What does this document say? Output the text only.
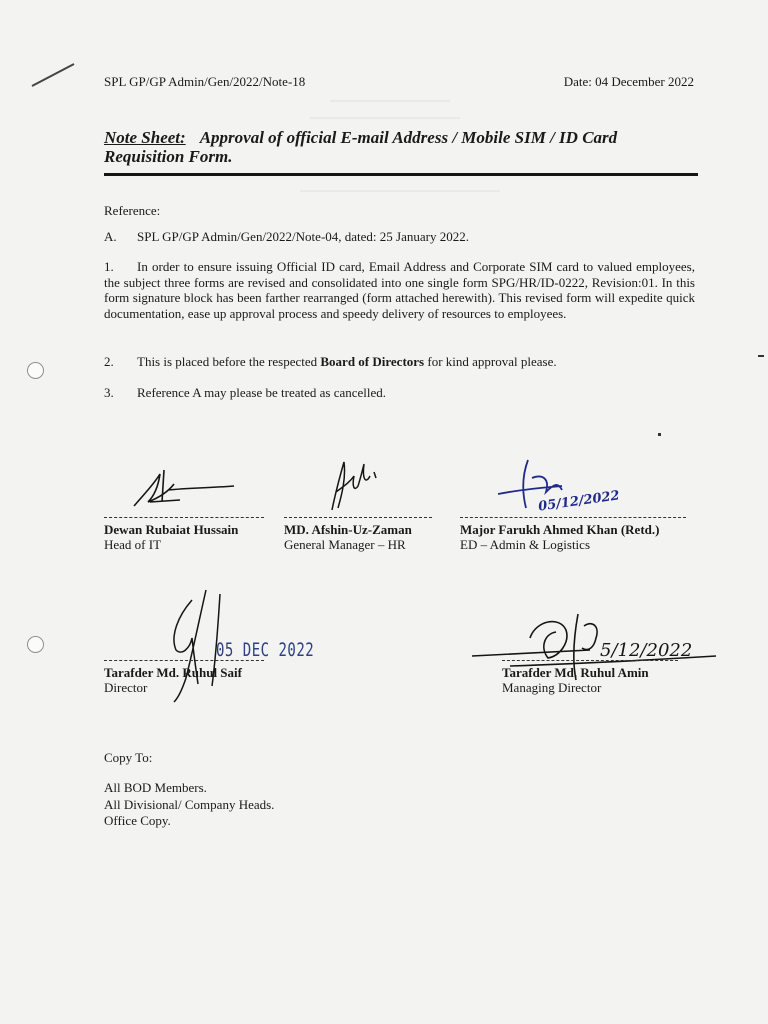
SPL GP/GP Admin/Gen/2022/Note-18	Date: 04 December 2022
Note Sheet: Approval of official E-mail Address / Mobile SIM / ID Card Requisition Form.
Reference:
A. SPL GP/GP Admin/Gen/2022/Note-04, dated: 25 January 2022.
1. In order to ensure issuing Official ID card, Email Address and Corporate SIM card to valued employees, the subject three forms are revised and consolidated into one single form SPG/HR/ID-0222, Revision:01. In this form signature block has been farther rearranged (form attached herewith). This revised form will expedite quick documentation, ease up approval process and speedy delivery of resources to employees.
2. This is placed before the respected Board of Directors for kind approval please.
3. Reference A may please be treated as cancelled.
05/12/2022
Dewan Rubaiat Hussain
Head of IT
MD. Afshin-Uz-Zaman
General Manager – HR
Major Farukh Ahmed Khan (Retd.)
ED – Admin & Logistics
05 DEC 2022	5/12/2022
Tarafder Md. Ruhul Saif
Director
Tarafder Md. Ruhul Amin
Managing Director
Copy To:
All BOD Members.
All Divisional/ Company Heads.
Office Copy.
